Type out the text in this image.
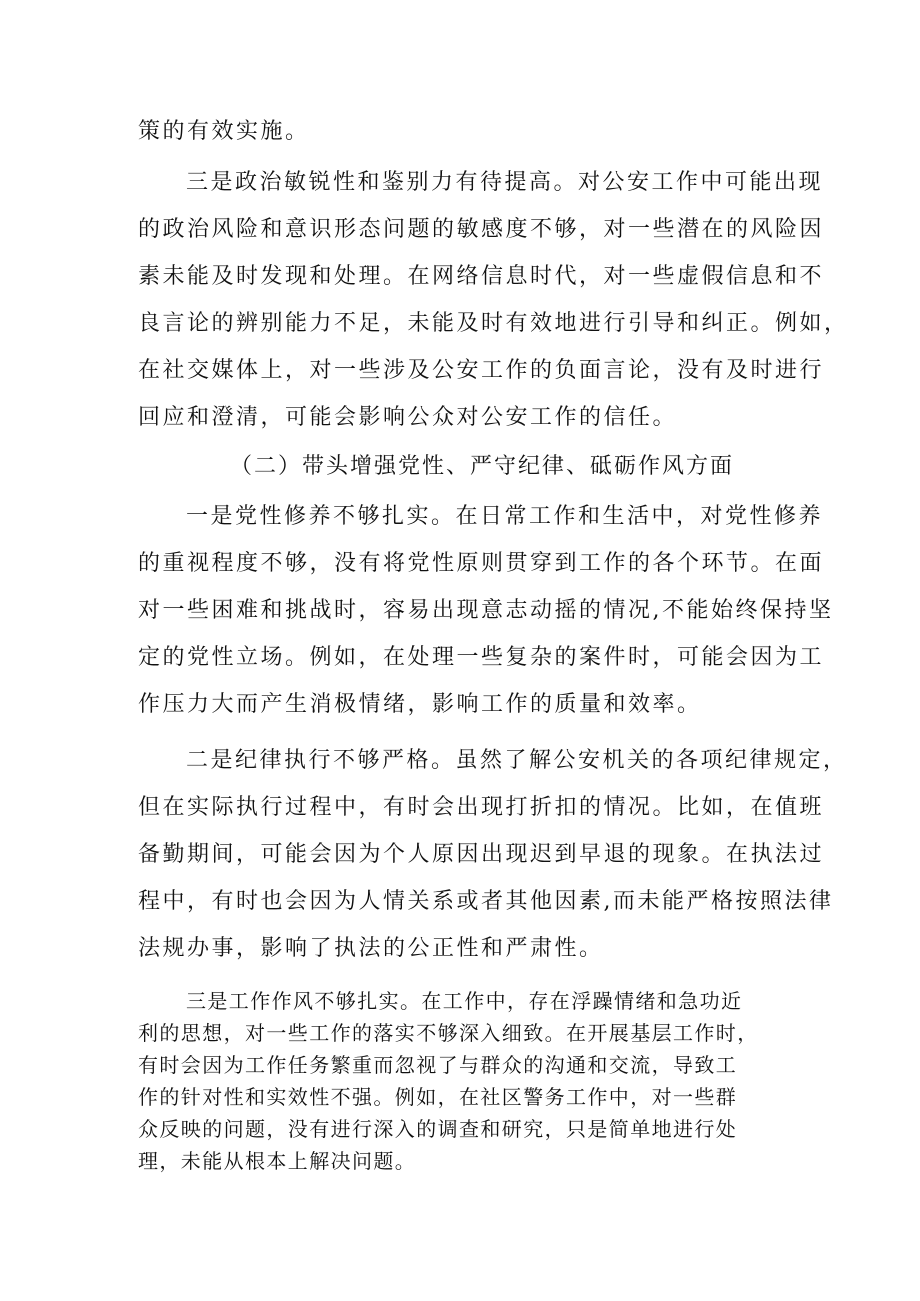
策的有效实施。
三是政治敏锐性和鉴别力有待提高。对公安工作中可能出现
的政治风险和意识形态问题的敏感度不够，对一些潜在的风险因
素未能及时发现和处理。在网络信息时代，对一些虚假信息和不
良言论的辨别能力不足，未能及时有效地进行引导和纠正。例如，
在社交媒体上，对一些涉及公安工作的负面言论，没有及时进行
回应和澄清，可能会影响公众对公安工作的信任。
（二）带头增强党性、严守纪律、砥砺作风方面
一是党性修养不够扎实。在日常工作和生活中，对党性修养
的重视程度不够，没有将党性原则贯穿到工作的各个环节。在面
对一些困难和挑战时，容易出现意志动摇的情况,不能始终保持坚
定的党性立场。例如，在处理一些复杂的案件时，可能会因为工
作压力大而产生消极情绪，影响工作的质量和效率。
二是纪律执行不够严格。虽然了解公安机关的各项纪律规定，
但在实际执行过程中，有时会出现打折扣的情况。比如，在值班
备勤期间，可能会因为个人原因出现迟到早退的现象。在执法过
程中，有时也会因为人情关系或者其他因素,而未能严格按照法律
法规办事，影响了执法的公正性和严肃性。
三是工作作风不够扎实。在工作中，存在浮躁情绪和急功近
利的思想，对一些工作的落实不够深入细致。在开展基层工作时，
有时会因为工作任务繁重而忽视了与群众的沟通和交流，导致工
作的针对性和实效性不强。例如，在社区警务工作中，对一些群
众反映的问题，没有进行深入的调查和研究，只是简单地进行处
理，未能从根本上解决问题。
